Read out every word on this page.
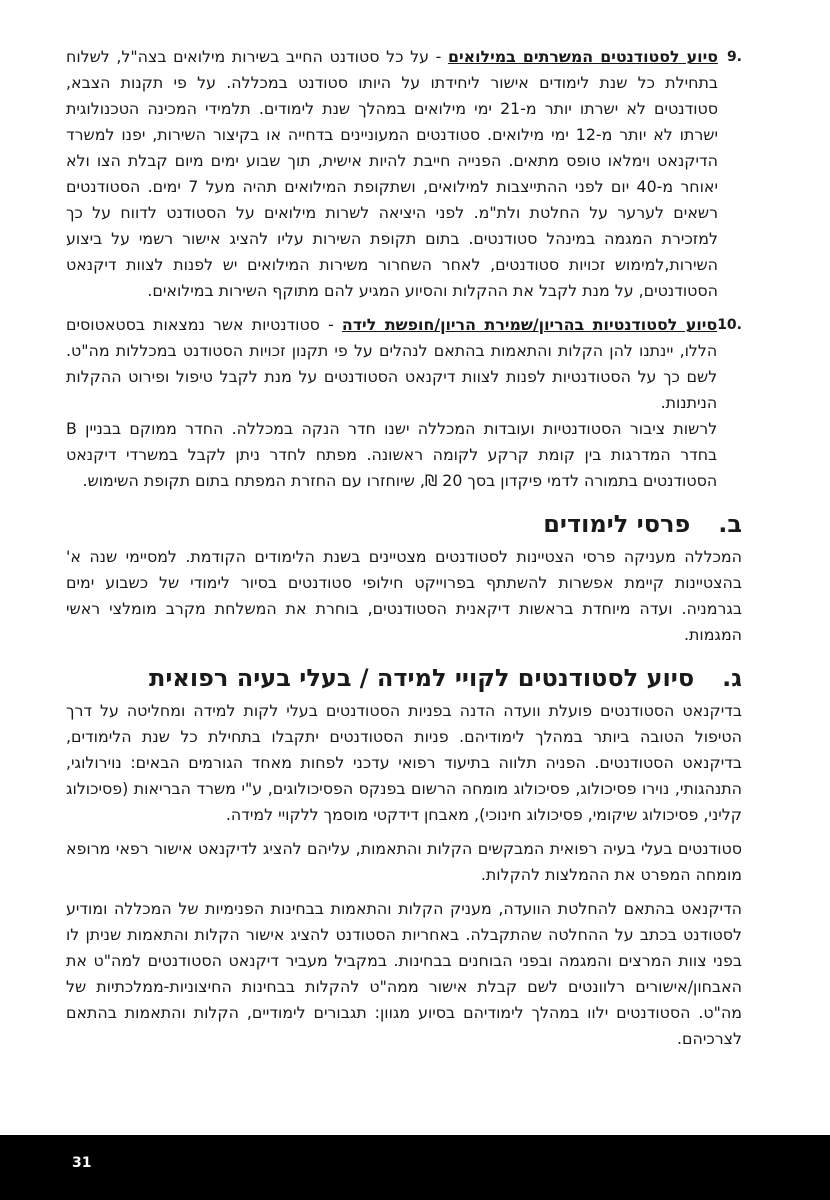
9.

סיוע לסטודנטים המשרתים במילואים - על כל סטודנט החייב בשירות מילואים בצה"ל, לשלוח בתחילת כל שנת לימודים אישור ליחידתו על היותו סטודנט במכללה. על פי תקנות הצבא, סטודנטים לא ישרתו יותר מ-21 ימי מילואים במהלך שנת לימודים. תלמידי המכינה הטכנולוגית ישרתו לא יותר מ-12 ימי מילואים. סטודנטים המעוניינים בדחייה או בקיצור השירות, יפנו למשרד הדיקנאט וימלאו טופס מתאים. הפנייה חייבת להיות אישית, תוך שבוע ימים מיום קבלת הצו ולא יאוחר מ-40 יום לפני ההתייצבות למילואים, ושתקופת המילואים תהיה מעל 7 ימים. הסטודנטים רשאים לערער על החלטת ולת"מ. לפני היציאה לשרות מילואים על הסטודנט לדווח על כך למזכירת המגמה במינהל סטודנטים. בתום תקופת השירות עליו להציג אישור רשמי על ביצוע השירות,למימוש זכויות סטודנטים, לאחר השחרור משירות המילואים יש לפנות לצוות דיקנאט הסטודנטים, על מנת לקבל את ההקלות והסיוע המגיע להם מתוקף השירות במילואים.

10.

סיוע לסטודנטיות בהריון/שמירת הריון/חופשת לידה - סטודנטיות אשר נמצאות בסטאטוסים הללו, יינתנו להן הקלות והתאמות בהתאם לנהלים על פי תקנון זכויות הסטודנט במכללות מה"ט. לשם כך על הסטודנטיות לפנות לצוות דיקנאט הסטודנטים על מנת לקבל טיפול ופירוט ההקלות הניתנות.

לרשות ציבור הסטודנטיות ועובדות המכללה ישנו חדר הנקה במכללה. החדר ממוקם בבניין B בחדר המדרגות בין קומת קרקע לקומה ראשונה. מפתח לחדר ניתן לקבל במשרדי דיקנאט הסטודנטים בתמורה לדמי פיקדון בסך 20 ₪, שיוחזרו עם החזרת המפתח בתום תקופת השימוש.

ב.
פרסי לימודים

המכללה מעניקה פרסי הצטיינות לסטודנטים מצטיינים בשנת הלימודים הקודמת. למסיימי שנה א' בהצטיינות קיימת אפשרות להשתתף בפרוייקט חילופי סטודנטים בסיור לימודי של כשבוע ימים בגרמניה. ועדה מיוחדת בראשות דיקאנית הסטודנטים, בוחרת את המשלחת מקרב מומלצי ראשי המגמות.

ג.
סיוע לסטודנטים לקויי למידה / בעלי בעיה רפואית

בדיקנאט הסטודנטים פועלת וועדה הדנה בפניות הסטודנטים בעלי לקות למידה ומחליטה על דרך הטיפול הטובה ביותר במהלך לימודיהם. פניות הסטודנטים יתקבלו בתחילת כל שנת הלימודים, בדיקנאט הסטודנטים. הפניה תלווה בתיעוד רפואי עדכני לפחות מאחד הגורמים הבאים: נוירולוגי, התנהגותי, נוירו פסיכולוג, פסיכולוג מומחה הרשום בפנקס הפסיכולוגים, ע"י משרד הבריאות (פסיכולוג קליני, פסיכולוג שיקומי, פסיכולוג חינוכי), מאבחן דידקטי מוסמך ללקויי למידה.

סטודנטים בעלי בעיה רפואית המבקשים הקלות והתאמות, עליהם להציג לדיקנאט אישור רפאי מרופא מומחה המפרט את ההמלצות להקלות.

הדיקנאט בהתאם להחלטת הוועדה, מעניק הקלות והתאמות בבחינות הפנימיות של המכללה ומודיע לסטודנט בכתב על ההחלטה שהתקבלה. באחריות הסטודנט להציג אישור הקלות והתאמות שניתן לו בפני צוות המרצים והמגמה ובפני הבוחנים בבחינות. במקביל מעביר דיקנאט הסטודנטים למה"ט את האבחון/אישורים רלוונטים לשם קבלת אישור ממה"ט להקלות בבחינות החיצוניות-ממלכתיות של מה"ט. הסטודנטים ילוו במהלך לימודיהם בסיוע מגוון: תגבורים לימודיים, הקלות והתאמות בהתאם לצרכיהם.

31
